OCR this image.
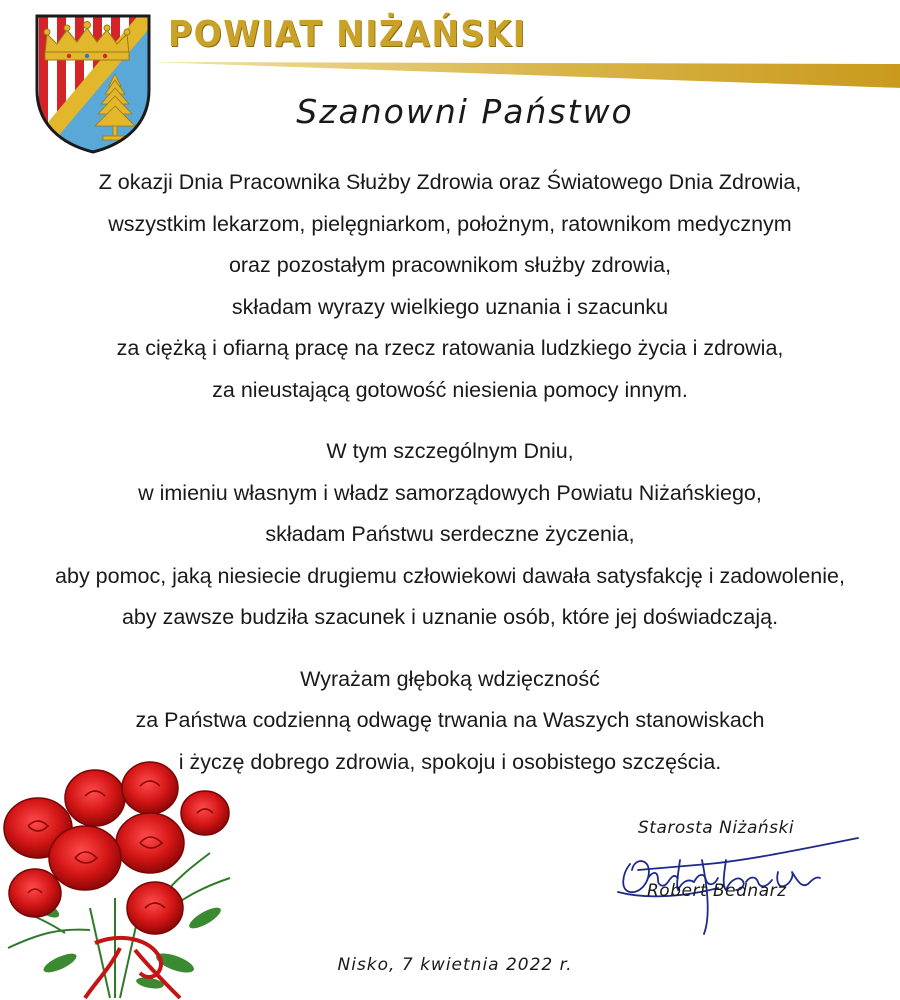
POWIAT NIŻAŃSKI
Szanowni Państwo

Z okazji Dnia Pracownika Służby Zdrowia oraz Światowego Dnia Zdrowia,
wszystkim lekarzom, pielęgniarkom, położnym, ratownikom medycznym
oraz pozostałym pracownikom służby zdrowia,
składam wyrazy wielkiego uznania i szacunku
za ciężką i ofiarną pracę na rzecz ratowania ludzkiego życia i zdrowia,
za nieustającą gotowość niesienia pomocy innym.

W tym szczególnym Dniu,
w imieniu własnym i władz samorządowych Powiatu Niżańskiego,
składam Państwu serdeczne życzenia,
aby pomoc, jaką niesiecie drugiemu człowiekowi dawała satysfakcję i zadowolenie,
aby zawsze budziła szacunek i uznanie osób, które jej doświadczają.

Wyrażam głęboką wdzięczność
za Państwa codzienną odwagę trwania na Waszych stanowiskach
i życzę dobrego zdrowia, spokoju i osobistego szczęścia.

Starosta Niżański
Robert Bednarz
Nisko, 7 kwietnia 2022 r.
